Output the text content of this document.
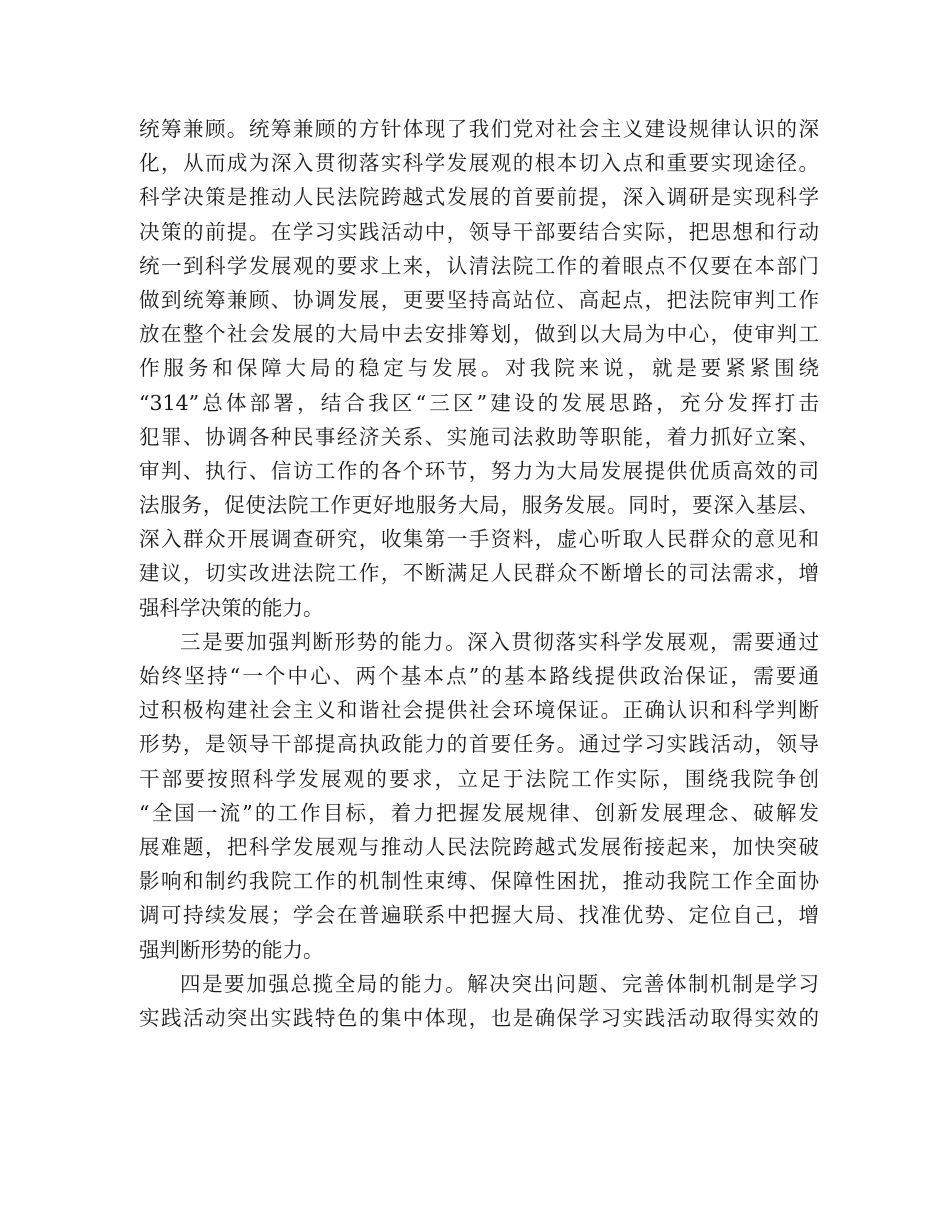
统筹兼顾。统筹兼顾的方针体现了我们党对社会主义建设规律认识的深
化，从而成为深入贯彻落实科学发展观的根本切入点和重要实现途径。
科学决策是推动人民法院跨越式发展的首要前提，深入调研是实现科学
决策的前提。在学习实践活动中，领导干部要结合实际，把思想和行动
统一到科学发展观的要求上来，认清法院工作的着眼点不仅要在本部门
做到统筹兼顾、协调发展，更要坚持高站位、高起点，把法院审判工作
放在整个社会发展的大局中去安排筹划，做到以大局为中心，使审判工
作服务和保障大局的稳定与发展。对我院来说，就是要紧紧围绕
“314”总体部署，结合我区“三区”建设的发展思路，充分发挥打击
犯罪、协调各种民事经济关系、实施司法救助等职能，着力抓好立案、
审判、执行、信访工作的各个环节，努力为大局发展提供优质高效的司
法服务，促使法院工作更好地服务大局，服务发展。同时，要深入基层、
深入群众开展调查研究，收集第一手资料，虚心听取人民群众的意见和
建议，切实改进法院工作，不断满足人民群众不断增长的司法需求，增
强科学决策的能力。
三是要加强判断形势的能力。深入贯彻落实科学发展观，需要通过
始终坚持“一个中心、两个基本点”的基本路线提供政治保证，需要通
过积极构建社会主义和谐社会提供社会环境保证。正确认识和科学判断
形势，是领导干部提高执政能力的首要任务。通过学习实践活动，领导
干部要按照科学发展观的要求，立足于法院工作实际，围绕我院争创
“全国一流”的工作目标，着力把握发展规律、创新发展理念、破解发
展难题，把科学发展观与推动人民法院跨越式发展衔接起来，加快突破
影响和制约我院工作的机制性束缚、保障性困扰，推动我院工作全面协
调可持续发展；学会在普遍联系中把握大局、找准优势、定位自己，增
强判断形势的能力。
四是要加强总揽全局的能力。解决突出问题、完善体制机制是学习
实践活动突出实践特色的集中体现，也是确保学习实践活动取得实效的
